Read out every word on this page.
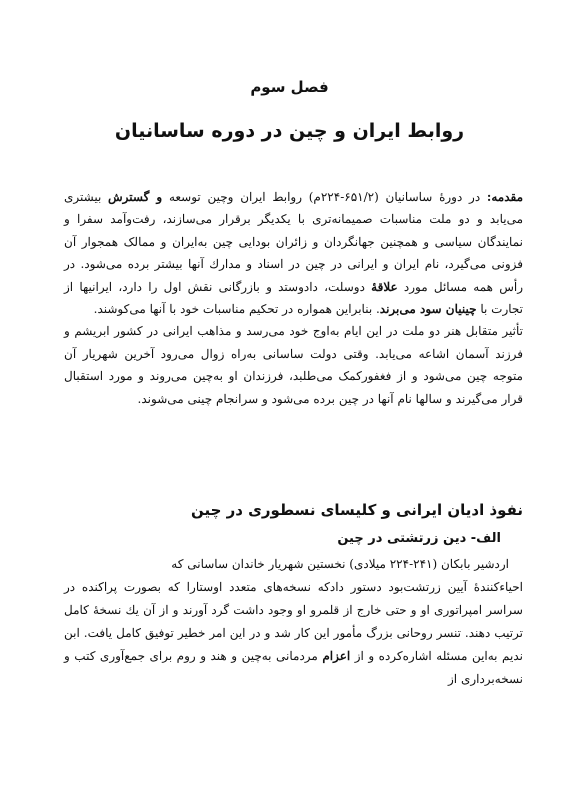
فصل سوم
روابط ایران و چین در دوره ساسانیان

مقدمه: در دورهٔ ساسانیان (۶۵۱/۲-۲۲۴م) روابط ایران وچین توسعه و گسترش بیشتری می‌یابد و دو ملت مناسبات صمیمانه‌تری با یکدیگر برقرار می‌سازند، رفت‌وآمد سفرا و نمایندگان سیاسی و همچنین جهانگردان و زائران بودایی چین به‌ایران و ممالک همجوار آن فزونی می‌گیرد، نام ایران و ایرانی در چین در اسناد و مدارك آنها بیشتر برده می‌شود. در رأس همه مسائل مورد علاقهٔ دوسلت، دادوستد و بازرگانی نقش اول را دارد، ایرانیها از تجارت با چینیان سود می‌برند. بنابراین همواره در تحکیم مناسبات خود با آنها می‌کوشند.

تأثیر متقابل هنر دو ملت در این ایام به‌اوج خود می‌رسد و مذاهب ایرانی در کشور ابریشم و فرزند آسمان اشاعه می‌یابد. وقتی دولت ساسانی به‌راه زوال می‌رود آخرین شهریار آن متوجه چین می‌شود و از فغفورکمک می‌طلبد، فرزندان او به‌چین می‌روند و مورد استقبال قرار می‌گیرند و سالها نام آنها در چین برده می‌شود و سرانجام چینی می‌شوند.

نفوذ ادیان ایرانی و کلیسای نسطوری در چین
الف- دین زرتشتی در چین

اردشیر بابکان (۲۴۱-۲۲۴ میلادی) نخستین شهریار خاندان ساسانی که

احیاءکنندهٔ آیین زرتشت‌بود دستور دادکه نسخه‌های متعدد اوستارا که بصورت پراکنده در سراسر امپراتوری او و حتی خارج از قلمرو او وجود داشت گرد آورند و از آن یك نسخهٔ کامل ترتیب دهند. تنسر روحانی بزرگ مأمور این کار شد و در این امر خطیر توفیق کامل یافت. ابن ندیم به‌این مسئله اشاره‌کرده و از اعزام مردمانی به‌چین و هند و روم برای جمع‌آوری کتب و نسخه‌برداری از
